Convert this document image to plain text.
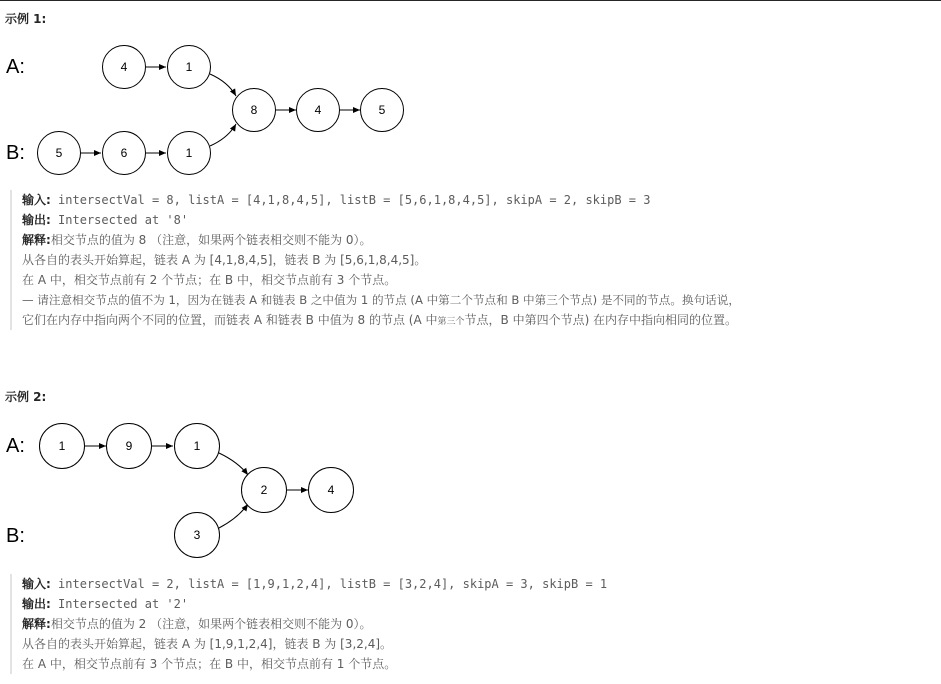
示例 1:
A:
B:
4	1
8	4	5
5	6	1
输入: intersectVal = 8, listA = [4,1,8,4,5], listB = [5,6,1,8,4,5], skipA = 2, skipB = 3
输出: Intersected at '8'
解释:相交节点的值为 8 （注意，如果两个链表相交则不能为 0）。
从各自的表头开始算起，链表 A 为 [4,1,8,4,5]，链表 B 为 [5,6,1,8,4,5]。
在 A 中，相交节点前有 2 个节点；在 B 中，相交节点前有 3 个节点。
— 请注意相交节点的值不为 1，因为在链表 A 和链表 B 之中值为 1 的节点 (A 中第二个节点和 B 中第三个节点) 是不同的节点。换句话说，
它们在内存中指向两个不同的位置，而链表 A 和链表 B 中值为 8 的节点 (A 中第三个节点，B 中第四个节点) 在内存中指向相同的位置。
示例 2:
A:
B:
1	9	1
2	4
3
输入: intersectVal = 2, listA = [1,9,1,2,4], listB = [3,2,4], skipA = 3, skipB = 1
输出: Intersected at '2'
解释:相交节点的值为 2 （注意，如果两个链表相交则不能为 0）。
从各自的表头开始算起，链表 A 为 [1,9,1,2,4]，链表 B 为 [3,2,4]。
在 A 中，相交节点前有 3 个节点；在 B 中，相交节点前有 1 个节点。
